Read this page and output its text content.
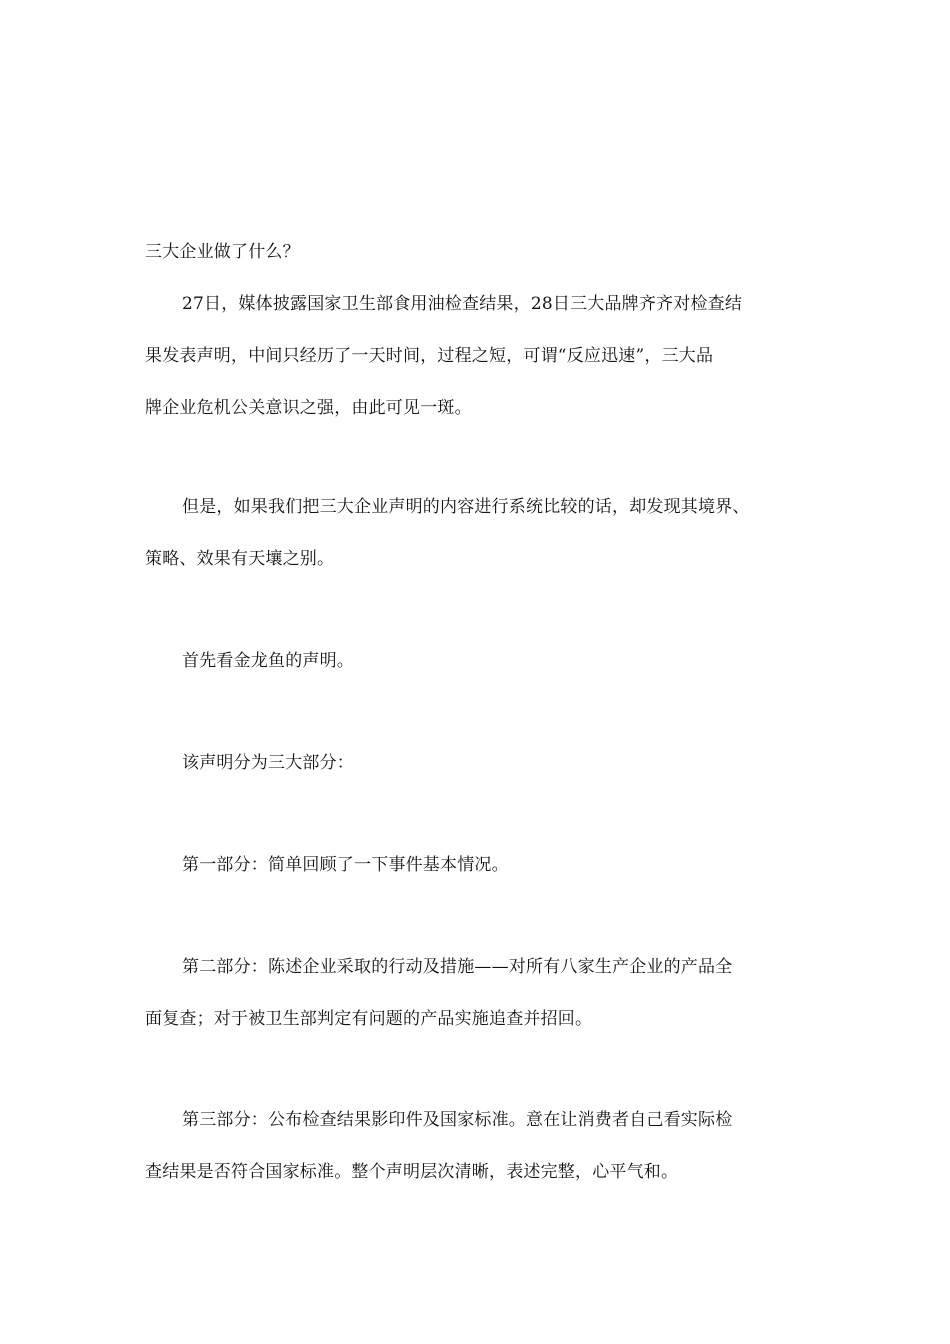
三大企业做了什么？
27日，媒体披露国家卫生部食用油检查结果，28日三大品牌齐齐对检查结
果发表声明，中间只经历了一天时间，过程之短，可谓“反应迅速”，三大品
牌企业危机公关意识之强，由此可见一斑。
但是，如果我们把三大企业声明的内容进行系统比较的话，却发现其境界、
策略、效果有天壤之别。
首先看金龙鱼的声明。
该声明分为三大部分：
第一部分：简单回顾了一下事件基本情况。
第二部分：陈述企业采取的行动及措施——对所有八家生产企业的产品全
面复查；对于被卫生部判定有问题的产品实施追查并招回。
第三部分：公布检查结果影印件及国家标准。意在让消费者自己看实际检
查结果是否符合国家标准。整个声明层次清晰，表述完整，心平气和。
